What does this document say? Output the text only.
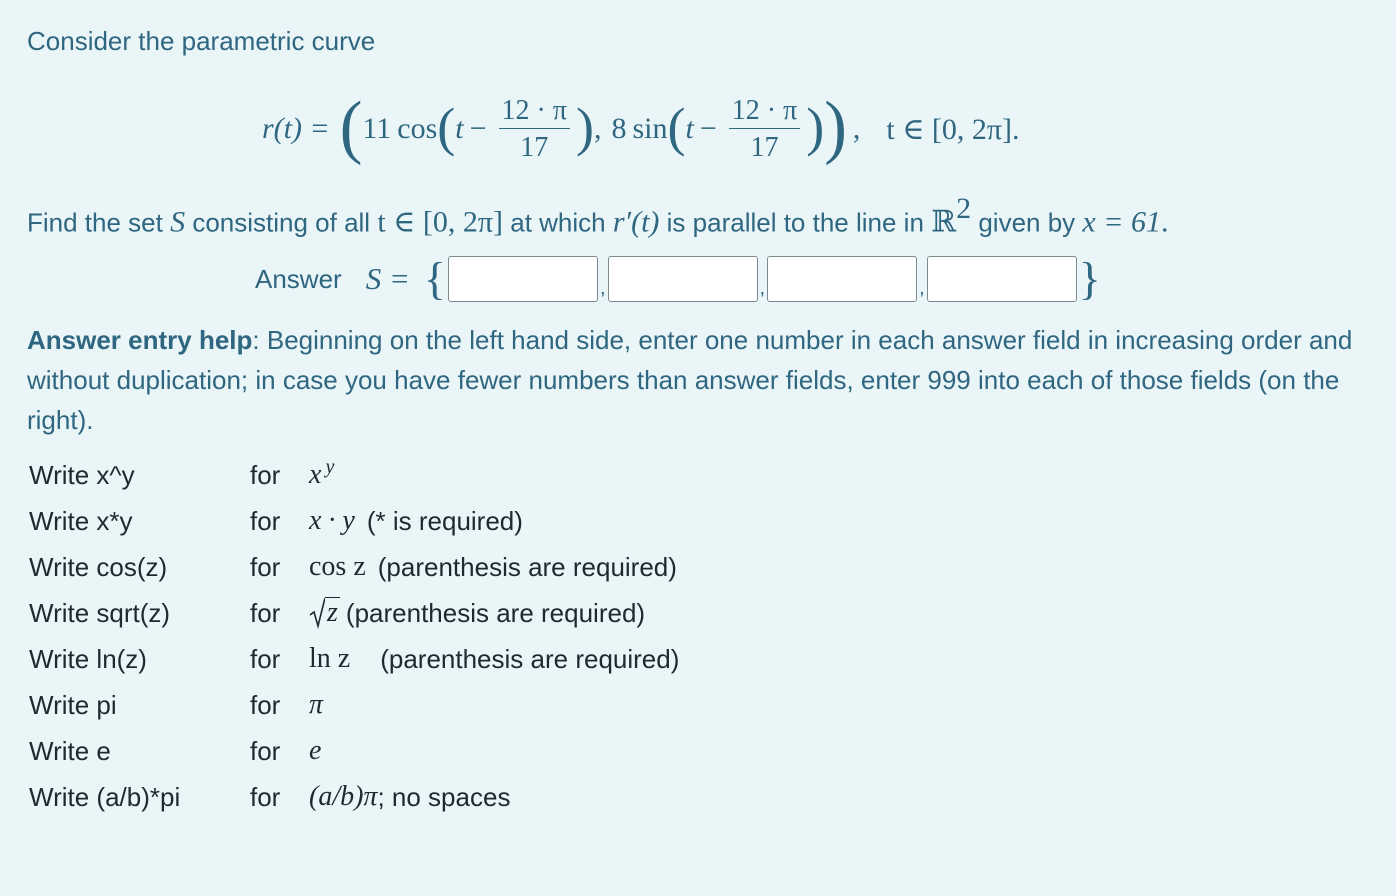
Consider the parametric curve
r(t) = ( 11 cos ( $t - \frac{12 \cdot \pi}{17}$ ) , 8 sin ( $t - \frac{12 \cdot \pi}{17}$ ) ) , t ∈ [0, 2π].
Find the set S consisting of all t ∈ [0, 2π] at which r′(t) is parallel to the line in ℝ$^2$ given by x = 61.
Answer S = {	,	,	,	}
Answer entry help: Beginning on the left hand side, enter one number in each answer field in increasing order and without duplication; in case you have fewer numbers than answer fields, enter 999 into each of those fields (on the right).
Write x^y	for	$x^y$
Write x*y	for	x · y (* is required)
Write cos(z)	for	cos z (parenthesis are required)
Write sqrt(z)	for	z (parenthesis are required)
Write ln(z)	for	ln z (parenthesis are required)
Write pi	for	π
Write e	for	e
Write (a/b)*pi	for	(a/b)π ; no spaces
